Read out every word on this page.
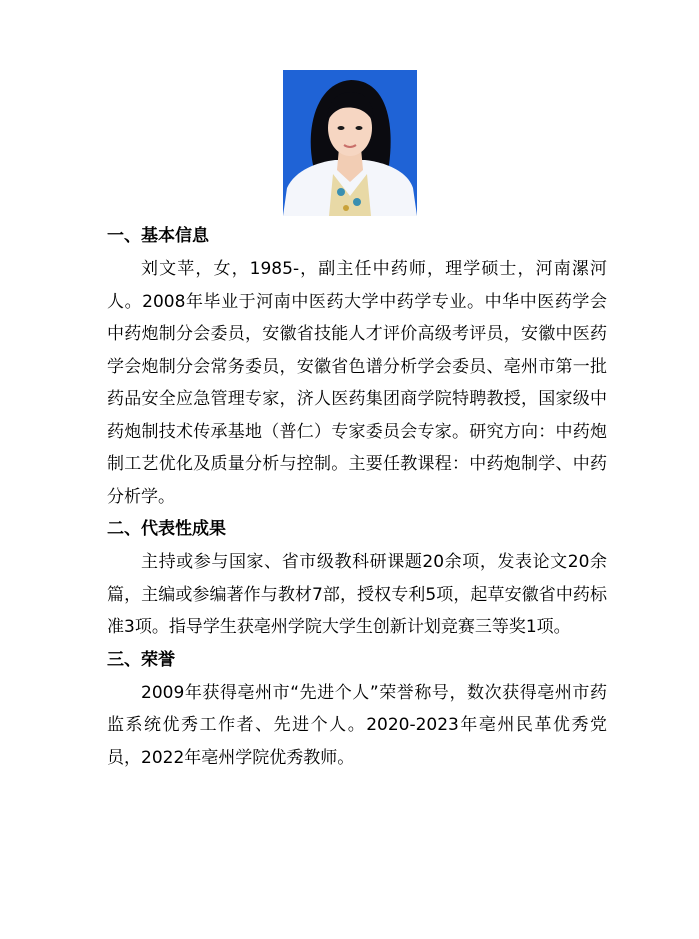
一、基本信息

刘文苹，女，1985-，副主任中药师，理学硕士，河南漯河人。2008年毕业于河南中医药大学中药学专业。中华中医药学会中药炮制分会委员，安徽省技能人才评价高级考评员，安徽中医药学会炮制分会常务委员，安徽省色谱分析学会委员、亳州市第一批药品安全应急管理专家，济人医药集团商学院特聘教授，国家级中药炮制技术传承基地（普仁）专家委员会专家。研究方向：中药炮制工艺优化及质量分析与控制。主要任教课程：中药炮制学、中药分析学。

二、代表性成果

主持或参与国家、省市级教科研课题20余项，发表论文20余篇，主编或参编著作与教材7部，授权专利5项，起草安徽省中药标准3项。指导学生获亳州学院大学生创新计划竞赛三等奖1项。

三、荣誉

2009年获得亳州市“先进个人”荣誉称号，数次获得亳州市药监系统优秀工作者、先进个人。2020-2023年亳州民革优秀党员，2022年亳州学院优秀教师。
